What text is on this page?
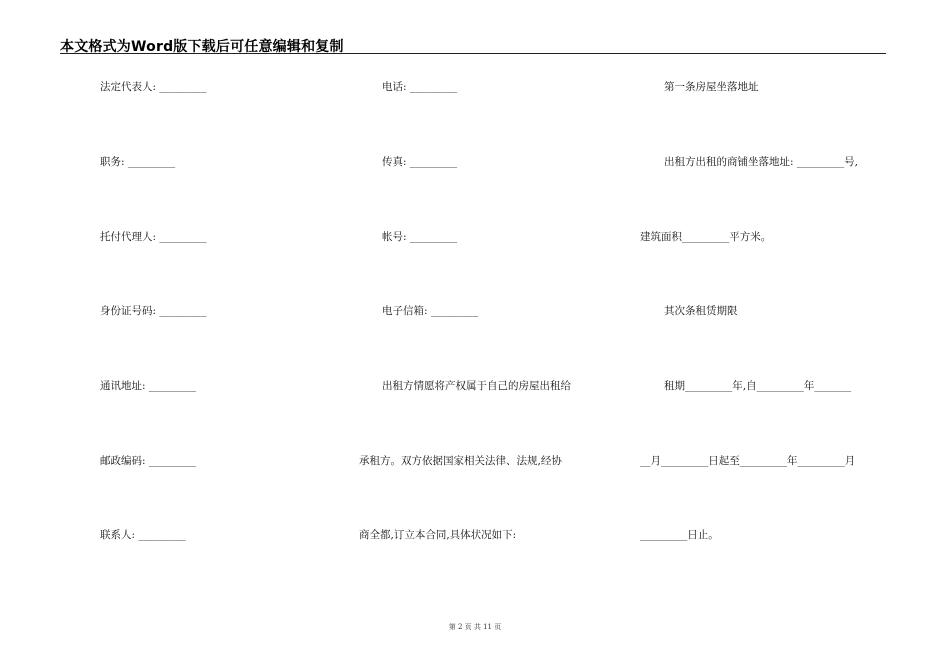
本文格式为Word版下载后可任意编辑和复制
法定代表人: _________
职务: _________
托付代理人: _________
身份证号码: _________
通讯地址: _________
邮政编码: _________
联系人: _________
电话: _________
传真: _________
帐号: _________
电子信箱: _________
出租方情愿将产权属于自己的房屋出租给
承租方。双方依据国家相关法律、法规,经协
商全都,订立本合同,具体状况如下:
第一条房屋坐落地址
出租方出租的商铺坐落地址: _________号,
建筑面积_________平方米。
其次条租赁期限
租期_________年,自_________年_______
__月_________日起至_________年_________月
_________日止。
第 2 页 共 11 页
